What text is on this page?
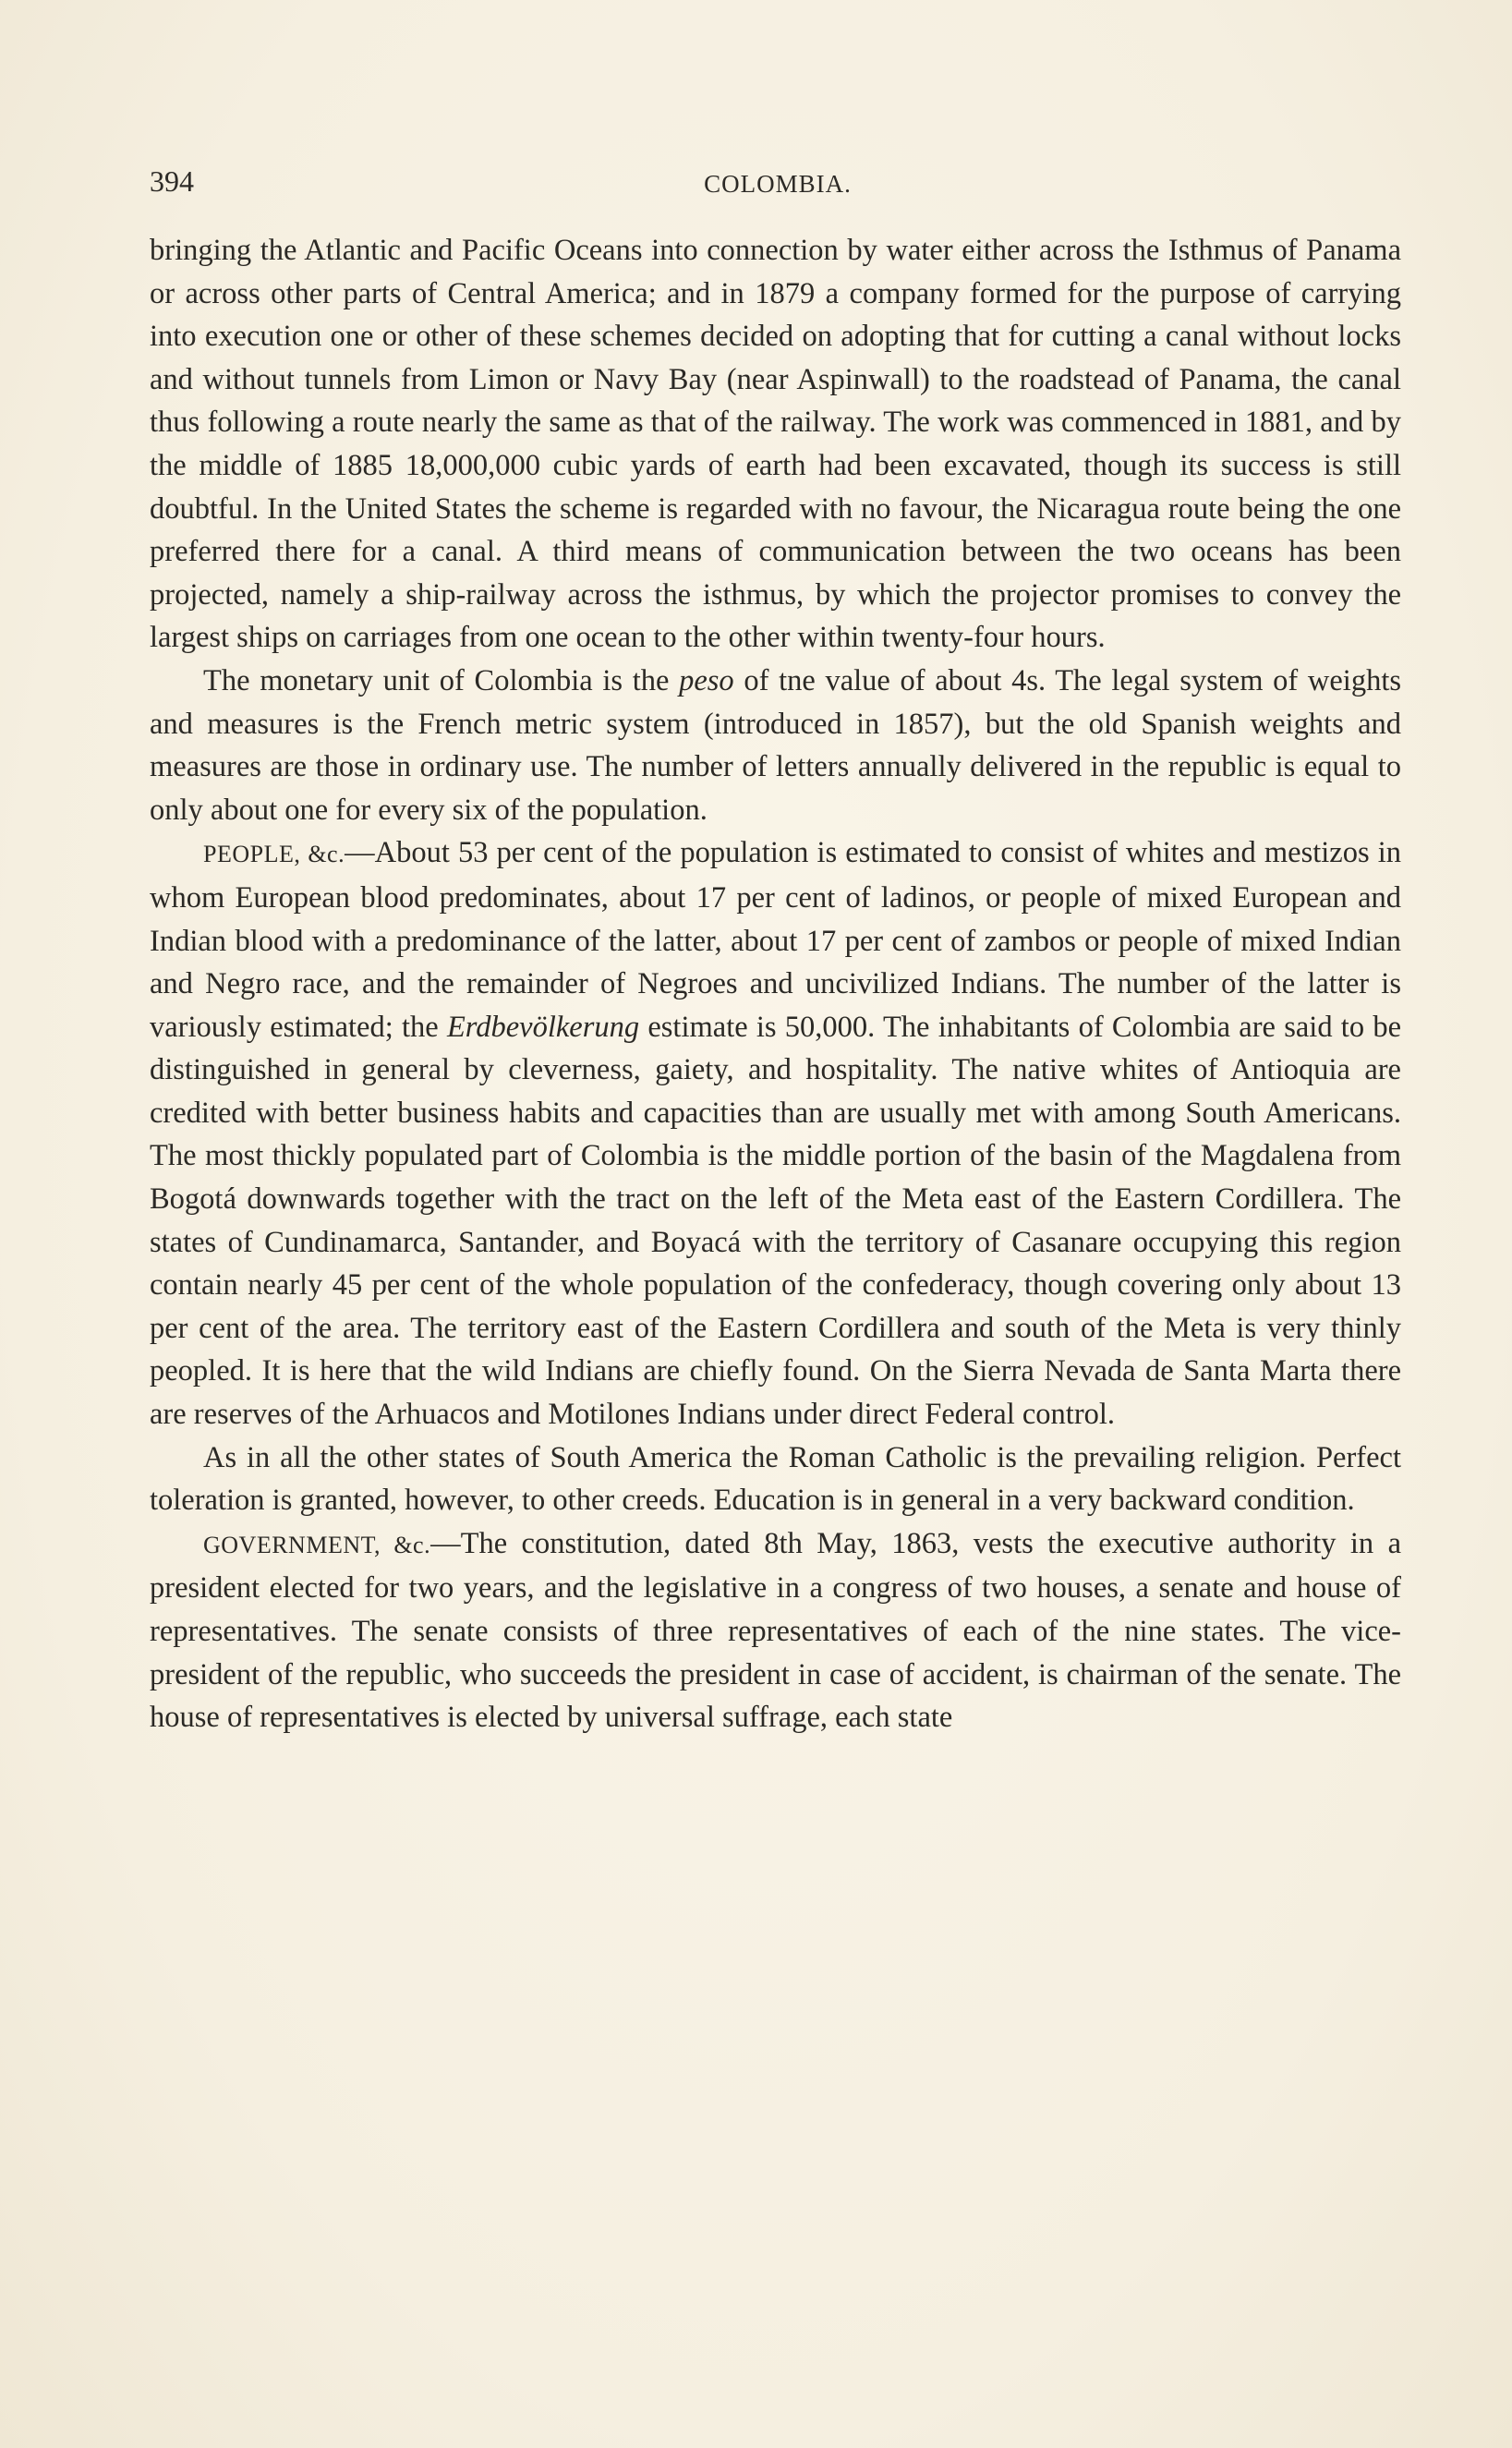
394	COLOMBIA.

bringing the Atlantic and Pacific Oceans into connection by water either across the Isthmus of Panama or across other parts of Central America; and in 1879 a company formed for the purpose of carrying into execution one or other of these schemes decided on adopting that for cutting a canal without locks and without tunnels from Limon or Navy Bay (near Aspinwall) to the roadstead of Panama, the canal thus following a route nearly the same as that of the railway. The work was commenced in 1881, and by the middle of 1885 18,000,000 cubic yards of earth had been excavated, though its success is still doubtful. In the United States the scheme is regarded with no favour, the Nicaragua route being the one preferred there for a canal. A third means of communication between the two oceans has been projected, namely a ship-railway across the isthmus, by which the projector promises to convey the largest ships on carriages from one ocean to the other within twenty-four hours.

The monetary unit of Colombia is the peso of tne value of about 4s. The legal system of weights and measures is the French metric system (introduced in 1857), but the old Spanish weights and measures are those in ordinary use. The number of letters annually delivered in the republic is equal to only about one for every six of the population.

PEOPLE, &c.—About 53 per cent of the population is estimated to consist of whites and mestizos in whom European blood predominates, about 17 per cent of ladinos, or people of mixed European and Indian blood with a predominance of the latter, about 17 per cent of zambos or people of mixed Indian and Negro race, and the remainder of Negroes and uncivilized Indians. The number of the latter is variously estimated; the Erdbevölkerung estimate is 50,000. The inhabitants of Colombia are said to be distinguished in general by cleverness, gaiety, and hospitality. The native whites of Antioquia are credited with better business habits and capacities than are usually met with among South Americans. The most thickly populated part of Colombia is the middle portion of the basin of the Magdalena from Bogotá downwards together with the tract on the left of the Meta east of the Eastern Cordillera. The states of Cundinamarca, Santander, and Boyacá with the territory of Casanare occupying this region contain nearly 45 per cent of the whole population of the confederacy, though covering only about 13 per cent of the area. The territory east of the Eastern Cordillera and south of the Meta is very thinly peopled. It is here that the wild Indians are chiefly found. On the Sierra Nevada de Santa Marta there are reserves of the Arhuacos and Motilones Indians under direct Federal control.

As in all the other states of South America the Roman Catholic is the prevailing religion. Perfect toleration is granted, however, to other creeds. Education is in general in a very backward condition.

GOVERNMENT, &c.—The constitution, dated 8th May, 1863, vests the executive authority in a president elected for two years, and the legislative in a congress of two houses, a senate and house of representatives. The senate consists of three representatives of each of the nine states. The vice-president of the republic, who succeeds the president in case of accident, is chairman of the senate. The house of representatives is elected by universal suffrage, each state
